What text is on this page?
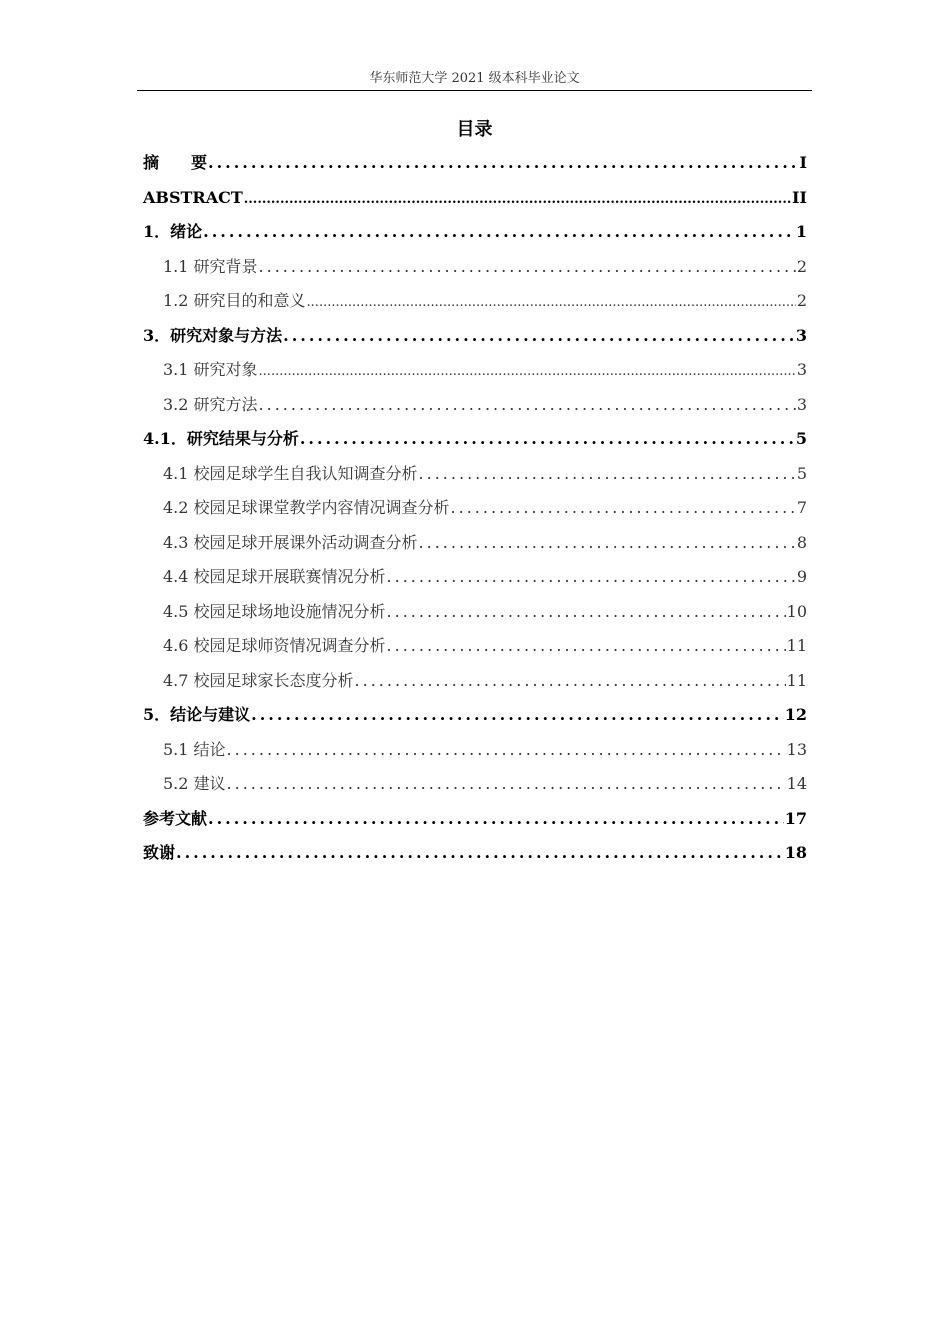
华东师范大学 2021 级本科毕业论文
目录
摘　　要 .....	I
ABSTRACT .....	II
1．绪论 .....	1
1.1 研究背景 .....	2
1.2 研究目的和意义 .....	2
3．研究对象与方法 .....	3
3.1 研究对象 .....	3
3.2 研究方法 .....	3
4.1．研究结果与分析 .....	5
4.1 校园足球学生自我认知调查分析 .....	5
4.2 校园足球课堂教学内容情况调查分析 .....	7
4.3 校园足球开展课外活动调查分析 .....	8
4.4 校园足球开展联赛情况分析 .....	9
4.5 校园足球场地设施情况分析 .....	10
4.6 校园足球师资情况调查分析 .....	11
4.7 校园足球家长态度分析 .....	11
5．结论与建议 .....	12
5.1 结论 .....	13
5.2 建议 .....	14
参考文献 .....	17
致谢 .....	18
